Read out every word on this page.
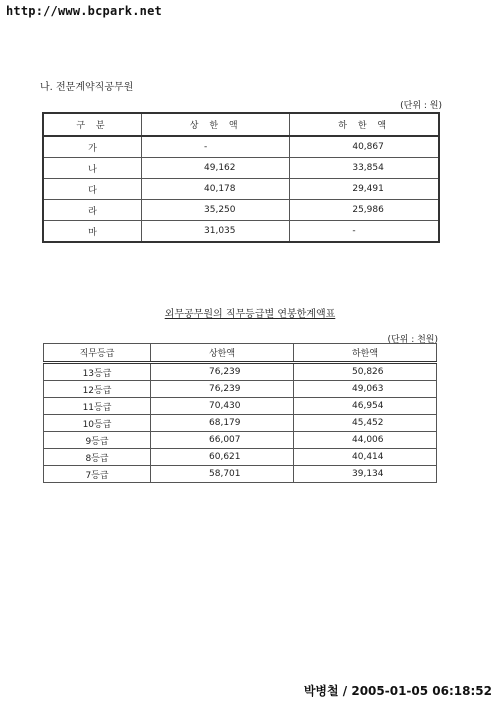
http://www.bcpark.net
나. 전문계약직공무원
(단위 : 원)
구 분	상 한 액	하 한 액
가	-	40,867
나	49,162	33,854
다	40,178	29,491
라	35,250	25,986
마	31,035	-
외무공무원의 직무등급별 연봉한계액표
(단위 : 천원)
직무등급	상한액	하한액
13등급	76,239	50,826
12등급	76,239	49,063
11등급	70,430	46,954
10등급	68,179	45,452
9등급	66,007	44,006
8등급	60,621	40,414
7등급	58,701	39,134
박병철 / 2005-01-05 06:18:52
